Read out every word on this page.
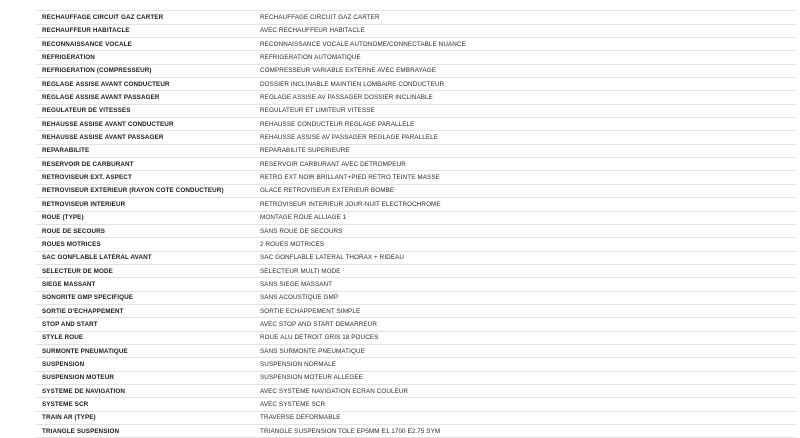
RÉCHAUFFAGE CIRCUIT GAZ CARTER	RECHAUFFAGE CIRCUIT GAZ CARTER
RECHAUFFEUR HABITACLE	AVEC RECHAUFFEUR HABITACLE
RECONNAISSANCE VOCALE	RECONNAISSANCE VOCALE AUTONOME/CONNECTABLE NUANCE
RÉFRIGÉRATION	REFRIGERATION AUTOMATIQUE
REFRIGERATION (COMPRESSEUR)	COMPRESSEUR VARIABLE EXTERNE AVEC EMBRAYAGE
RÉGLAGE ASSISE AVANT CONDUCTEUR	DOSSIER INCLINABLE MAINTIEN LOMBAIRE CONDUCTEUR
RÉGLAGE ASSISE AVANT PASSAGER	REGLAGE ASSISE AV PASSAGER DOSSIER INCLINABLE
RÉGULATEUR DE VITESSES	REGULATEUR ET LIMITEUR VITESSE
REHAUSSE ASSISE AVANT CONDUCTEUR	REHAUSSE CONDUCTEUR REGLAGE PARALLELE
REHAUSSE ASSISE AVANT PASSAGER	REHAUSSE ASSISE AV PASSAGER REGLAGE PARALLELE
REPARABILITE	REPARABILITE SUPERIEURE
RÉSERVOIR DE CARBURANT	RESERVOIR CARBURANT AVEC DETROMPEUR
RETROVISEUR EXT. ASPECT	RETRO EXT NOIR BRILLANT+PIED RETRO TEINTE MASSE
RÉTROVISEUR EXTÉRIEUR (RAYON COTÉ CONDUCTEUR)	GLACE RETROVISEUR EXTERIEUR BOMBE
RÉTROVISEUR INTÉRIEUR	RETROVISEUR INTERIEUR JOUR-NUIT ELECTROCHROME
ROUE (TYPE)	MONTAGE ROUE ALLIAGE 1
ROUE DE SECOURS	SANS ROUE DE SECOURS
ROUES MOTRICES	2 ROUES MOTRICES
SAC GONFLABLE LATÉRAL AVANT	SAC GONFLABLE LATERAL THORAX + RIDEAU
SELECTEUR DE MODE	SELECTEUR MULTI MODE
SIEGE MASSANT	SANS SIEGE MASSANT
SONORITE GMP SPECIFIQUE	SANS ACOUSTIQUE GMP
SORTIE D'ÉCHAPPEMENT	SORTIE ECHAPPEMENT SIMPLE
STOP AND START	AVEC STOP AND START DEMARREUR
STYLE ROUE	ROUE ALU DETROIT GRIS 18 POUCES
SURMONTE PNEUMATIQUE	SANS SURMONTE PNEUMATIQUE
SUSPENSION	SUSPENSION NORMALE
SUSPENSION MOTEUR	SUSPENSION MOTEUR ALLEGEE
SYSTÈME DE NAVIGATION	AVEC SYSTEME NAVIGATION ECRAN COULEUR
SYSTEME SCR	AVEC SYSTEME SCR
TRAIN AR (TYPE)	TRAVERSE DEFORMABLE
TRIANGLE SUSPENSION	TRIANGLE SUSPENSION TOLE EP5MM E1.1700 E2.75 SYM
